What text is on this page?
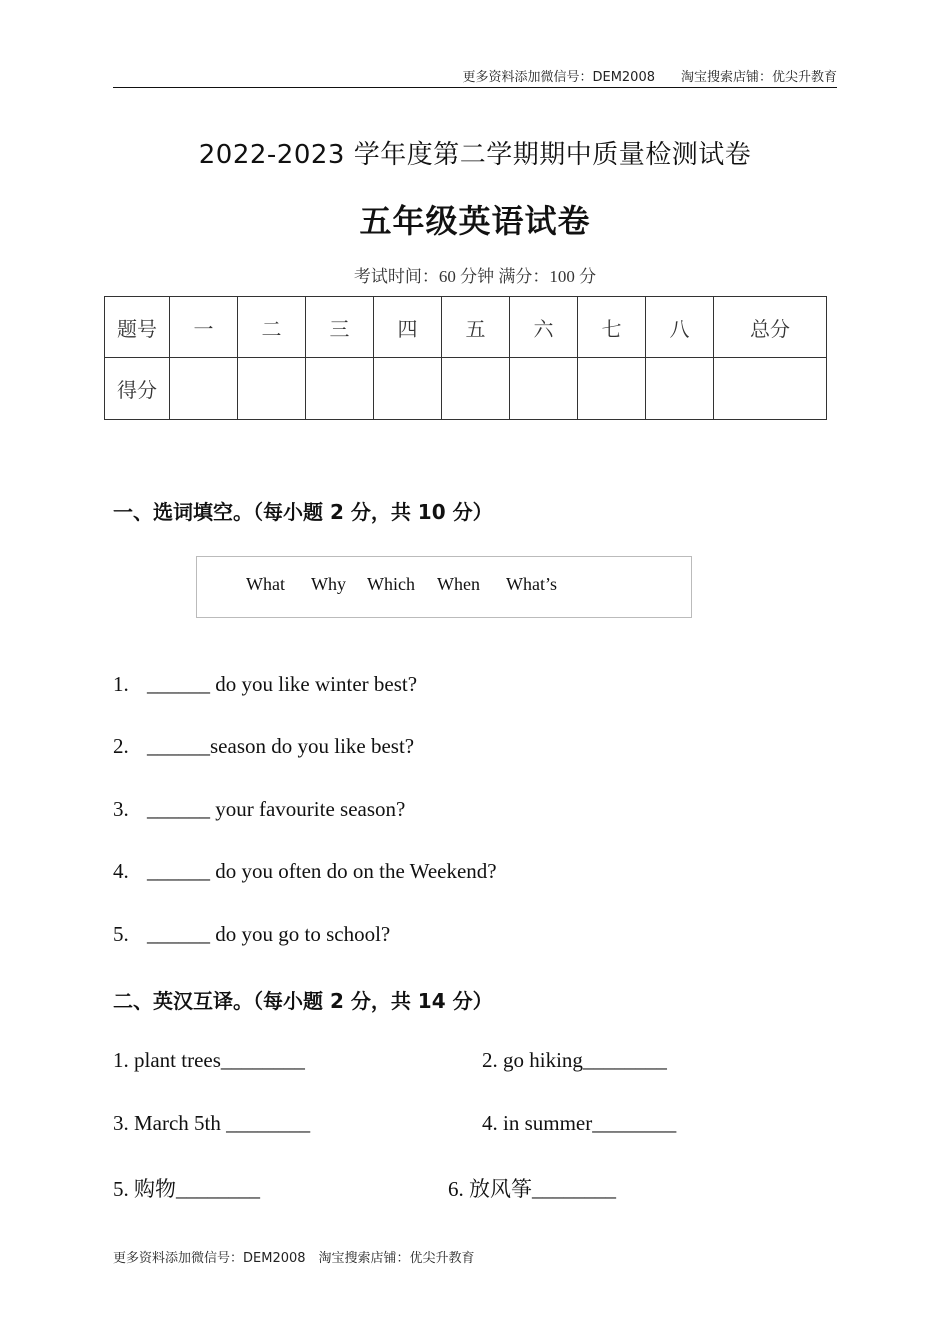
更多资料添加微信号：DEM2008　　淘宝搜索店铺：优尖升教育
2022-2023 学年度第二学期期中质量检测试卷
五年级英语试卷
考试时间：60 分钟 满分：100 分
题号	一	二	三	四	五	六	七	八	总分
得分									
一、选词填空。（每小题 2 分，共 10 分）
What Why Which When What’s
1. ______ do you like winter best?
2. ______season do you like best?
3. ______ your favourite season?
4. ______ do you often do on the Weekend?
5. ______ do you go to school?
二、英汉互译。（每小题 2 分，共 14 分）
1. plant trees________	2. go hiking________
3. March 5th ________	4. in summer________
5. 购物________	6. 放风筝________
更多资料添加微信号：DEM2008　淘宝搜索店铺：优尖升教育
